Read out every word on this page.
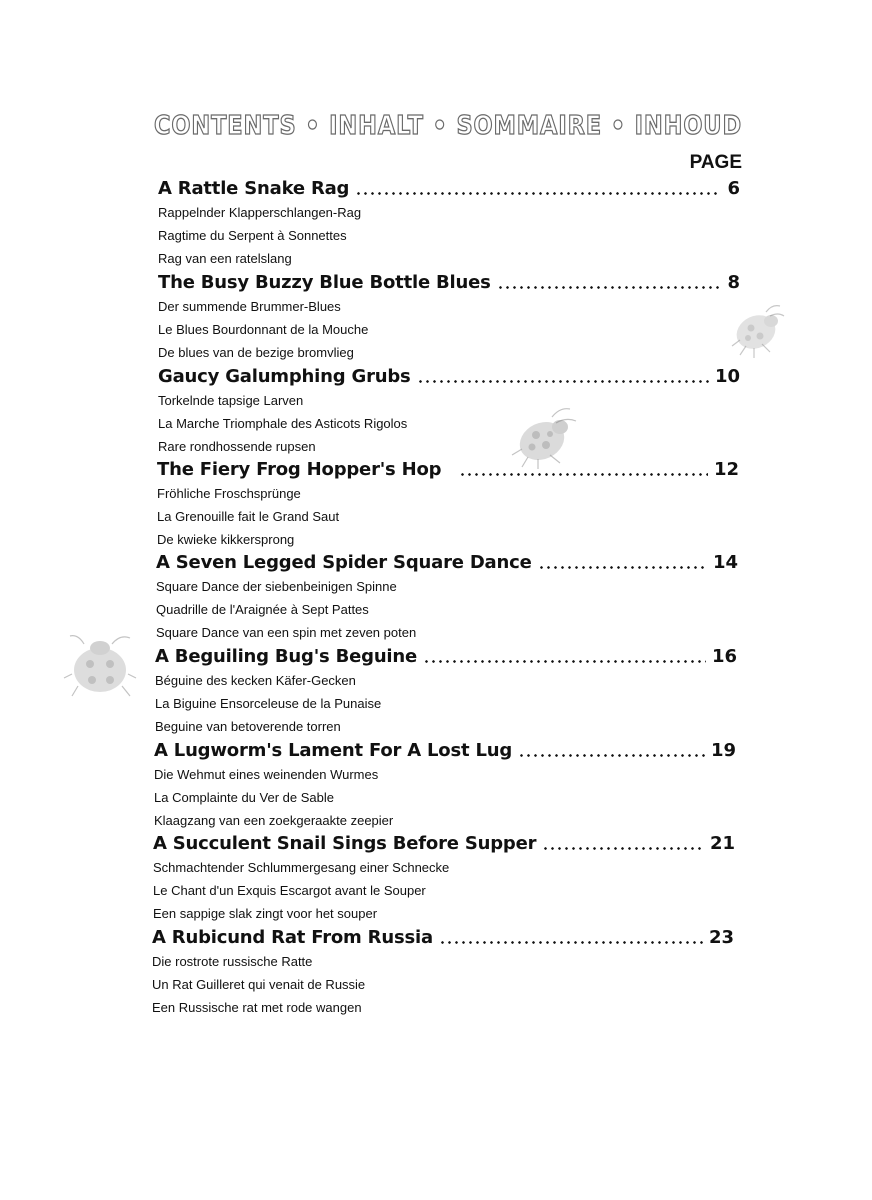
CONTENTS • INHALT • SOMMAIRE • INHOUD
PAGE
A Rattle Snake Rag	6
Rappelnder Klapperschlangen-Rag
Ragtime du Serpent à Sonnettes
Rag van een ratelslang
The Busy Buzzy Blue Bottle Blues	8
Der summende Brummer-Blues
Le Blues Bourdonnant de la Mouche
De blues van de bezige bromvlieg
Gaucy Galumphing Grubs	10
Torkelnde tapsige Larven
La Marche Triomphale des Asticots Rigolos
Rare rondhossende rupsen
The Fiery Frog Hopper's Hop	12
Fröhliche Froschsprünge
La Grenouille fait le Grand Saut
De kwieke kikkersprong
A Seven Legged Spider Square Dance	14
Square Dance der siebenbeinigen Spinne
Quadrille de l'Araignée à Sept Pattes
Square Dance van een spin met zeven poten
A Beguiling Bug's Beguine	16
Béguine des kecken Käfer-Gecken
La Biguine Ensorceleuse de la Punaise
Beguine van betoverende torren
A Lugworm's Lament For A Lost Lug	19
Die Wehmut eines weinenden Wurmes
La Complainte du Ver de Sable
Klaagzang van een zoekgeraakte zeepier
A Succulent Snail Sings Before Supper	21
Schmachtender Schlummergesang einer Schnecke
Le Chant d'un Exquis Escargot avant le Souper
Een sappige slak zingt voor het souper
A Rubicund Rat From Russia	23
Die rostrote russische Ratte
Un Rat Guilleret qui venait de Russie
Een Russische rat met rode wangen
